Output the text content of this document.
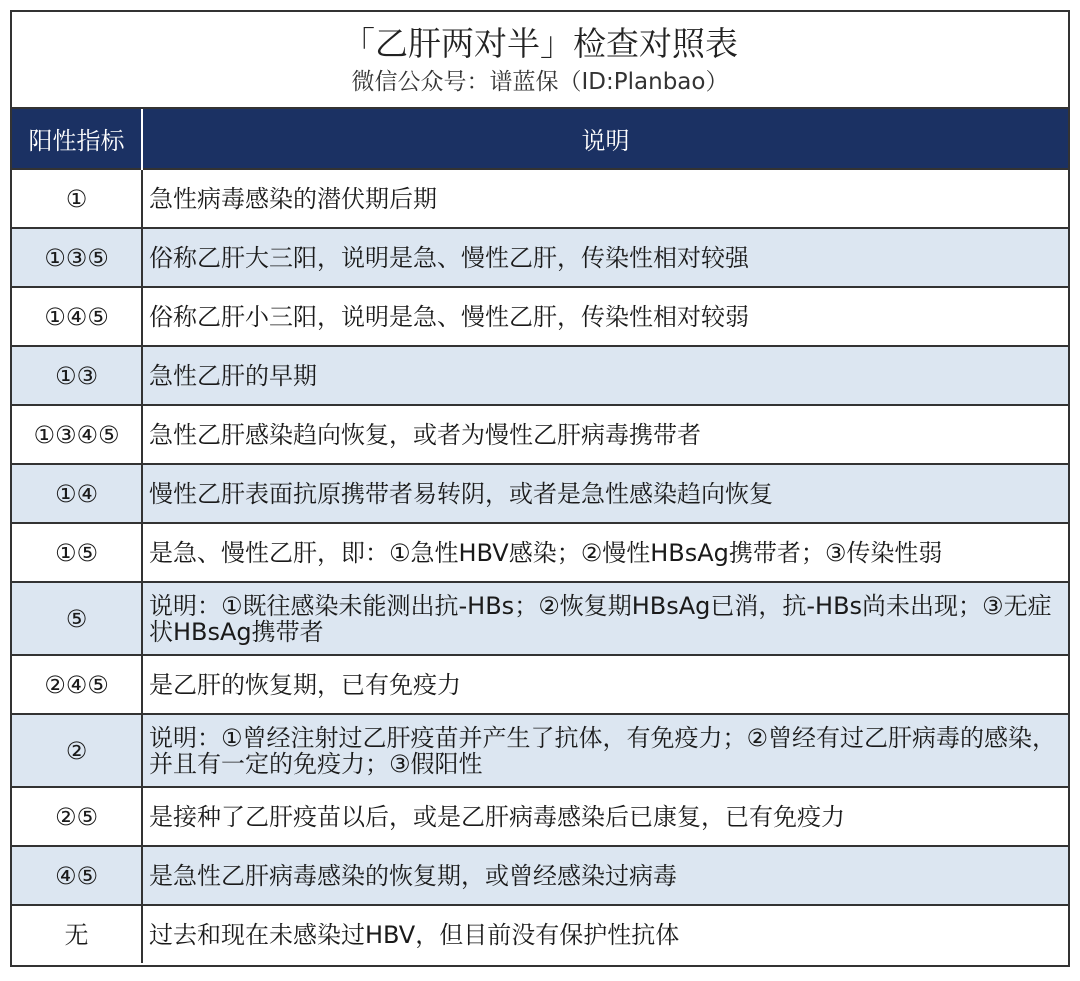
「乙肝两对半」检查对照表
微信公众号：谱蓝保（ID:Planbao）
阳性指标	说明
①	急性病毒感染的潜伏期后期
①③⑤	俗称乙肝大三阳，说明是急、慢性乙肝，传染性相对较强
①④⑤	俗称乙肝小三阳，说明是急、慢性乙肝，传染性相对较弱
①③	急性乙肝的早期
①③④⑤	急性乙肝感染趋向恢复，或者为慢性乙肝病毒携带者
①④	慢性乙肝表面抗原携带者易转阴，或者是急性感染趋向恢复
①⑤	是急、慢性乙肝，即：①急性HBV感染；②慢性HBsAg携带者；③传染性弱
⑤	说明：①既往感染未能测出抗-HBs；②恢复期HBsAg已消，抗-HBs尚未出现；③无症状HBsAg携带者
②④⑤	是乙肝的恢复期，已有免疫力
②	说明：①曾经注射过乙肝疫苗并产生了抗体，有免疫力；②曾经有过乙肝病毒的感染，并且有一定的免疫力；③假阳性
②⑤	是接种了乙肝疫苗以后，或是乙肝病毒感染后已康复，已有免疫力
④⑤	是急性乙肝病毒感染的恢复期，或曾经感染过病毒
无	过去和现在未感染过HBV，但目前没有保护性抗体
